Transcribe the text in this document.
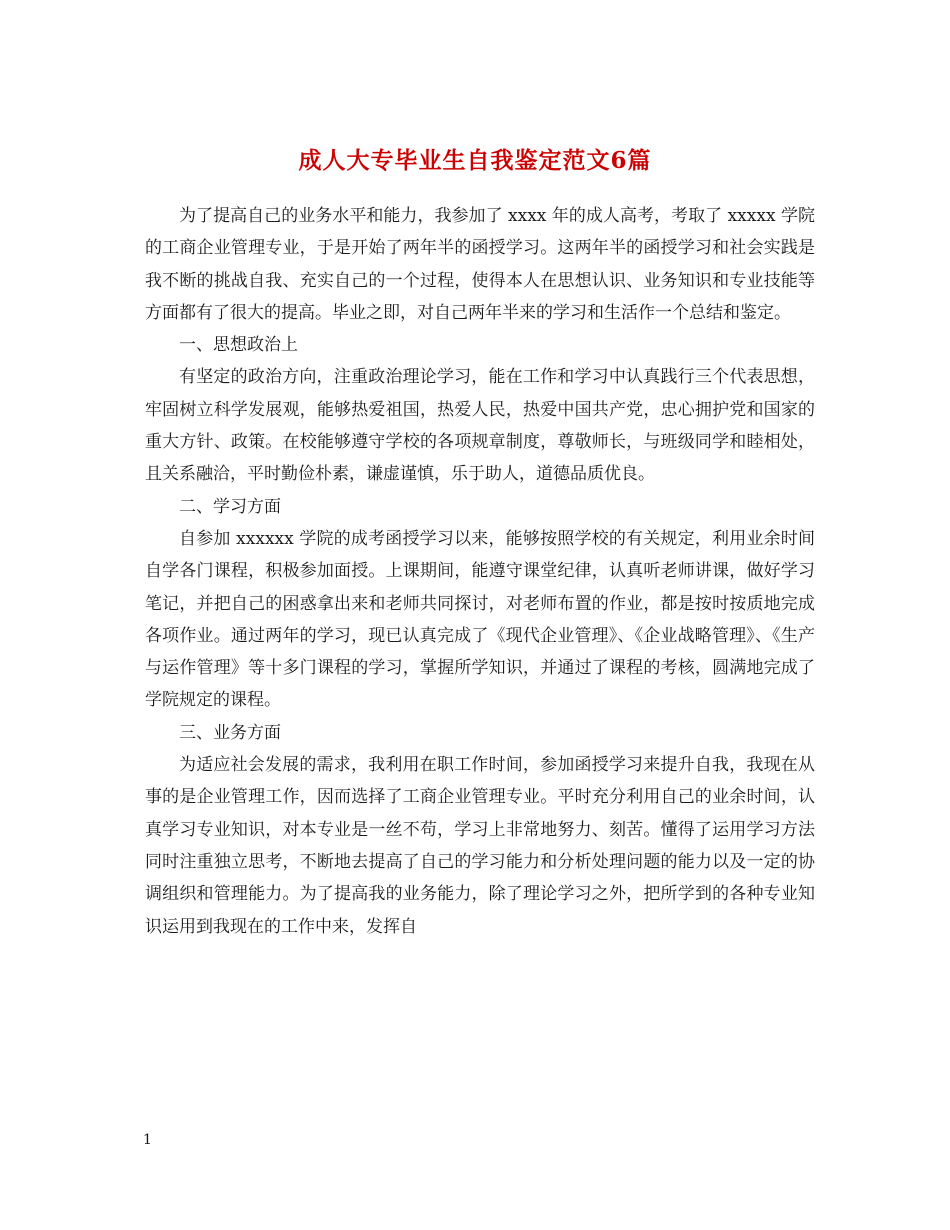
成人大专毕业生自我鉴定范文6篇

为了提高自己的业务水平和能力，我参加了 xxxx 年的成人高考，考取了 xxxxx 学院的工商企业管理专业，于是开始了两年半的函授学习。这两年半的函授学习和社会实践是我不断的挑战自我、充实自己的一个过程，使得本人在思想认识、业务知识和专业技能等方面都有了很大的提高。毕业之即，对自己两年半来的学习和生活作一个总结和鉴定。

一、思想政治上

有坚定的政治方向，注重政治理论学习，能在工作和学习中认真践行三个代表思想，牢固树立科学发展观，能够热爱祖国，热爱人民，热爱中国共产党，忠心拥护党和国家的重大方针、政策。在校能够遵守学校的各项规章制度，尊敬师长，与班级同学和睦相处，且关系融洽，平时勤俭朴素，谦虚谨慎，乐于助人，道德品质优良。

二、学习方面

自参加 xxxxxx 学院的成考函授学习以来，能够按照学校的有关规定，利用业余时间自学各门课程，积极参加面授。上课期间，能遵守课堂纪律，认真听老师讲课，做好学习笔记，并把自己的困惑拿出来和老师共同探讨，对老师布置的作业，都是按时按质地完成各项作业。通过两年的学习，现已认真完成了《现代企业管理》、《企业战略管理》、《生产与运作管理》等十多门课程的学习，掌握所学知识，并通过了课程的考核，圆满地完成了学院规定的课程。

三、业务方面

为适应社会发展的需求，我利用在职工作时间，参加函授学习来提升自我，我现在从事的是企业管理工作，因而选择了工商企业管理专业。平时充分利用自己的业余时间，认真学习专业知识，对本专业是一丝不苟，学习上非常地努力、刻苦。懂得了运用学习方法同时注重独立思考，不断地去提高了自己的学习能力和分析处理问题的能力以及一定的协调组织和管理能力。为了提高我的业务能力，除了理论学习之外，把所学到的各种专业知识运用到我现在的工作中来，发挥自

1
